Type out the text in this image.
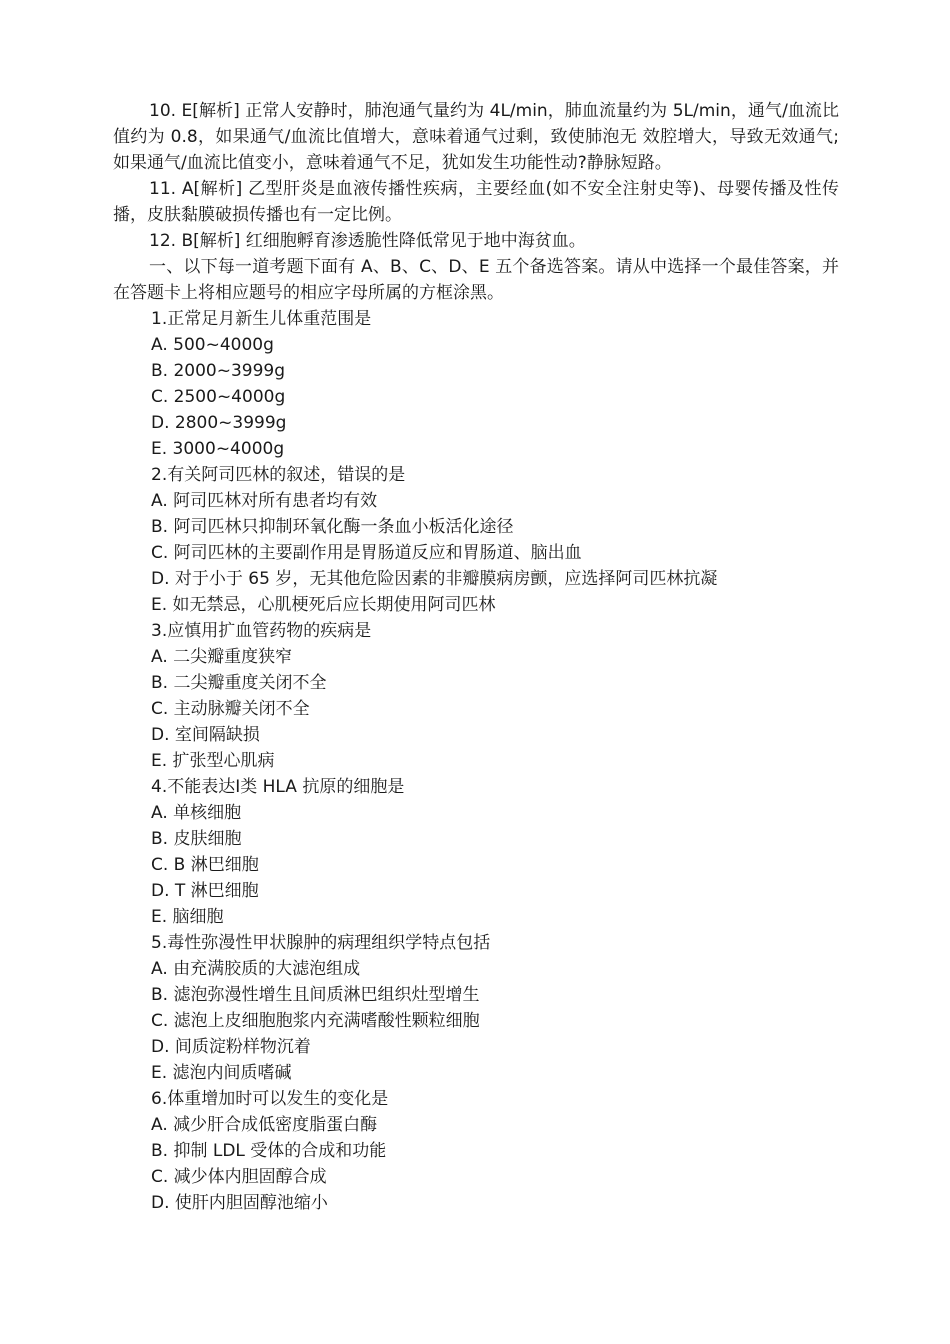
10. E[解析] 正常人安静时，肺泡通气量约为 4L/min，肺血流量约为 5L/min，通气/血流比值约为 0.8，如果通气/血流比值增大，意味着通气过剩，致使肺泡无 效腔增大，导致无效通气;如果通气/血流比值变小，意味着通气不足，犹如发生功能性动?静脉短路。

11. A[解析] 乙型肝炎是血液传播性疾病，主要经血(如不安全注射史等)、母婴传播及性传播，皮肤黏膜破损传播也有一定比例。

12. B[解析] 红细胞孵育渗透脆性降低常见于地中海贫血。

一、以下每一道考题下面有 A、B、C、D、E 五个备选答案。请从中选择一个最佳答案，并在答题卡上将相应题号的相应字母所属的方框涂黑。

1.正常足月新生儿体重范围是

A. 500~4000g

B. 2000~3999g

C. 2500~4000g

D. 2800~3999g

E. 3000~4000g

2.有关阿司匹林的叙述，错误的是

A. 阿司匹林对所有患者均有效

B. 阿司匹林只抑制环氧化酶一条血小板活化途径

C. 阿司匹林的主要副作用是胃肠道反应和胃肠道、脑出血

D. 对于小于 65 岁，无其他危险因素的非瓣膜病房颤，应选择阿司匹林抗凝

E. 如无禁忌，心肌梗死后应长期使用阿司匹林

3.应慎用扩血管药物的疾病是

A. 二尖瓣重度狭窄

B. 二尖瓣重度关闭不全

C. 主动脉瓣关闭不全

D. 室间隔缺损

E. 扩张型心肌病

4.不能表达Ⅰ类 HLA 抗原的细胞是

A. 单核细胞

B. 皮肤细胞

C. B 淋巴细胞

D. T 淋巴细胞

E. 脑细胞

5.毒性弥漫性甲状腺肿的病理组织学特点包括

A. 由充满胶质的大滤泡组成

B. 滤泡弥漫性增生且间质淋巴组织灶型增生

C. 滤泡上皮细胞胞浆内充满嗜酸性颗粒细胞

D. 间质淀粉样物沉着

E. 滤泡内间质嗜碱

6.体重增加时可以发生的变化是

A. 减少肝合成低密度脂蛋白酶

B. 抑制 LDL 受体的合成和功能

C. 减少体内胆固醇合成

D. 使肝内胆固醇池缩小
